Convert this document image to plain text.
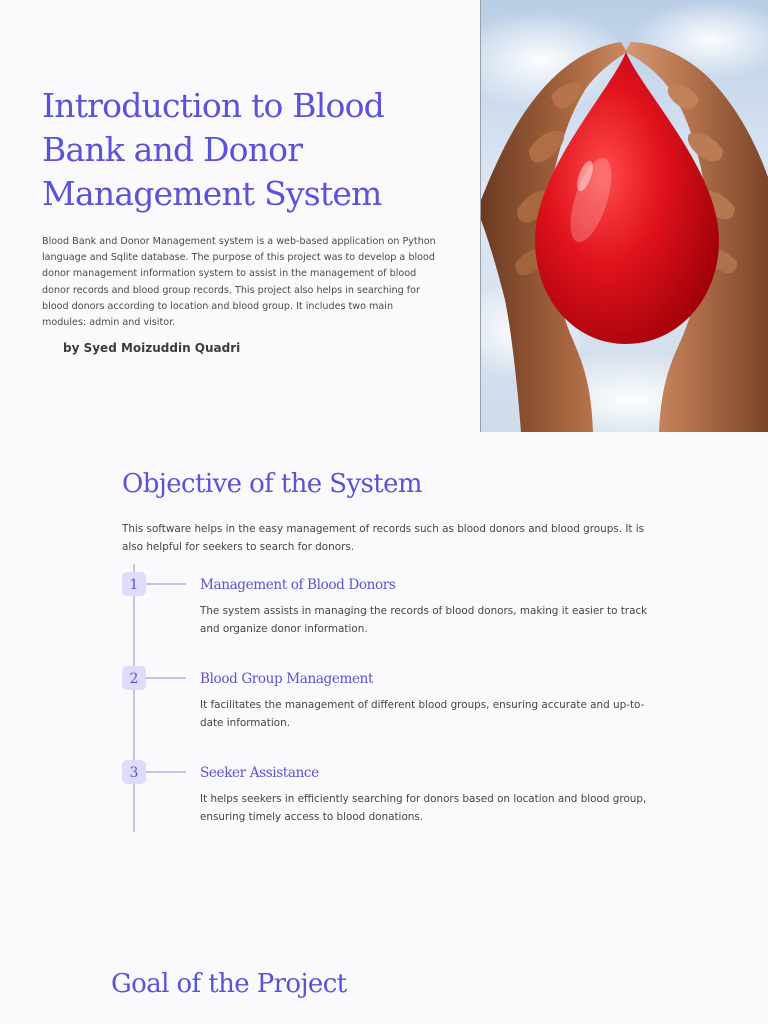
Introduction to Blood Bank and Donor Management System

Blood Bank and Donor Management system is a web-based application on Python language and Sqlite database. The purpose of this project was to develop a blood donor management information system to assist in the management of blood donor records and blood group records. This project also helps in searching for blood donors according to location and blood group. It includes two main modules: admin and visitor.

by Syed Moizuddin Quadri
Objective of the System

This software helps in the easy management of records such as blood donors and blood groups. It is also helpful for seekers to search for donors.

1	Management of Blood Donors

The system assists in managing the records of blood donors, making it easier to track and organize donor information.

2	Blood Group Management

It facilitates the management of different blood groups, ensuring accurate and up-to-date information.

3	Seeker Assistance

It helps seekers in efficiently searching for donors based on location and blood group, ensuring timely access to blood donations.

Goal of the Project
